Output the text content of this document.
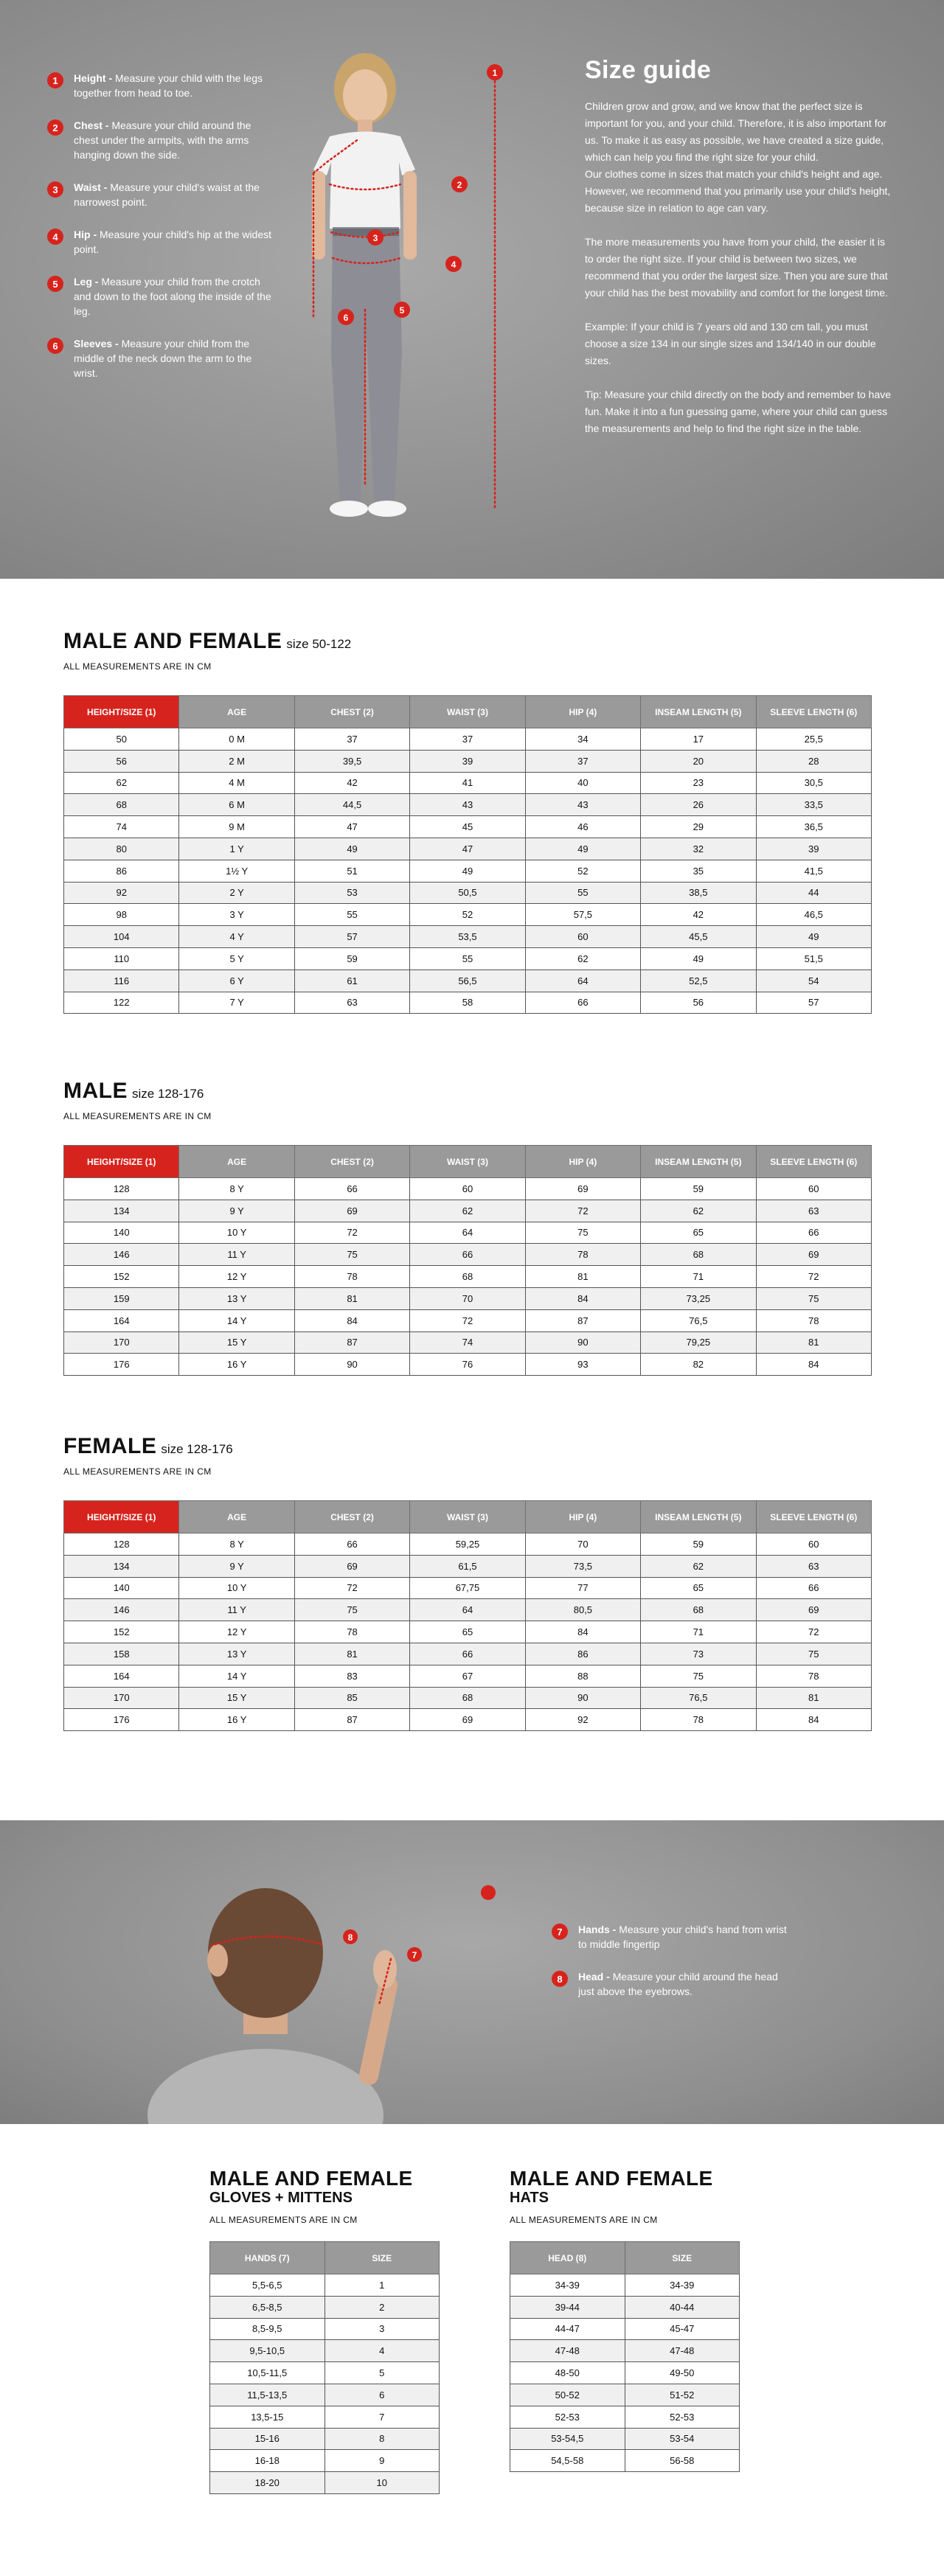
1	Height - Measure your child with the legs together from head to toe.
2	Chest - Measure your child around the chest under the armpits, with the arms hanging down the side.
3	Waist - Measure your child's waist at the narrowest point.
4	Hip - Measure your child's hip at the widest point.
5	Leg - Measure your child from the crotch and down to the foot along the inside of the leg.
6	Sleeves - Measure your child from the middle of the neck down the arm to the wrist.
1
2
3
4
5
6
Size guide

Children grow and grow, and we know that the perfect size is important for you, and your child. Therefore, it is also important for us. To make it as easy as possible, we have created a size guide, which can help you find the right size for your child.

Our clothes come in sizes that match your child's height and age. However, we recommend that you primarily use your child's height, because size in relation to age can vary.

The more measurements you have from your child, the easier it is to order the right size. If your child is between two sizes, we recommend that you order the largest size. Then you are sure that your child has the best movability and comfort for the longest time.

Example: If your child is 7 years old and 130 cm tall, you must choose a size 134 in our single sizes and 134/140 in our double sizes.

Tip: Measure your child directly on the body and remember to have fun. Make it into a fun guessing game, where your child can guess the measurements and help to find the right size in the table.

MALE AND FEMALE size 50-122
ALL MEASUREMENTS ARE IN CM
HEIGHT/SIZE (1)	AGE	CHEST (2)	WAIST (3)	HIP (4)	INSEAM LENGTH (5)	SLEEVE LENGTH (6)
50	0 M	37	37	34	17	25,5
56	2 M	39,5	39	37	20	28
62	4 M	42	41	40	23	30,5
68	6 M	44,5	43	43	26	33,5
74	9 M	47	45	46	29	36,5
80	1 Y	49	47	49	32	39
86	1½ Y	51	49	52	35	41,5
92	2 Y	53	50,5	55	38,5	44
98	3 Y	55	52	57,5	42	46,5
104	4 Y	57	53,5	60	45,5	49
110	5 Y	59	55	62	49	51,5
116	6 Y	61	56,5	64	52,5	54
122	7 Y	63	58	66	56	57
MALE size 128-176
ALL MEASUREMENTS ARE IN CM
HEIGHT/SIZE (1)	AGE	CHEST (2)	WAIST (3)	HIP (4)	INSEAM LENGTH (5)	SLEEVE LENGTH (6)
128	8 Y	66	60	69	59	60
134	9 Y	69	62	72	62	63
140	10 Y	72	64	75	65	66
146	11 Y	75	66	78	68	69
152	12 Y	78	68	81	71	72
159	13 Y	81	70	84	73,25	75
164	14 Y	84	72	87	76,5	78
170	15 Y	87	74	90	79,25	81
176	16 Y	90	76	93	82	84
FEMALE size 128-176
ALL MEASUREMENTS ARE IN CM
HEIGHT/SIZE (1)	AGE	CHEST (2)	WAIST (3)	HIP (4)	INSEAM LENGTH (5)	SLEEVE LENGTH (6)
128	8 Y	66	59,25	70	59	60
134	9 Y	69	61,5	73,5	62	63
140	10 Y	72	67,75	77	65	66
146	11 Y	75	64	80,5	68	69
152	12 Y	78	65	84	71	72
158	13 Y	81	66	86	73	75
164	14 Y	83	67	88	75	78
170	15 Y	85	68	90	76,5	81
176	16 Y	87	69	92	78	84
8
7
7	Hands - Measure your child's hand from wrist to middle fingertip
8	Head - Measure your child around the head just above the eyebrows.
MALE AND FEMALE
GLOVES + MITTENS
ALL MEASUREMENTS ARE IN CM
HANDS (7)	SIZE
5,5-6,5	1
6,5-8,5	2
8,5-9,5	3
9,5-10,5	4
10,5-11,5	5
11,5-13,5	6
13,5-15	7
15-16	8
16-18	9
18-20	10
MALE AND FEMALE
HATS
ALL MEASUREMENTS ARE IN CM
HEAD (8)	SIZE
34-39	34-39
39-44	40-44
44-47	45-47
47-48	47-48
48-50	49-50
50-52	51-52
52-53	52-53
53-54,5	53-54
54,5-58	56-58
